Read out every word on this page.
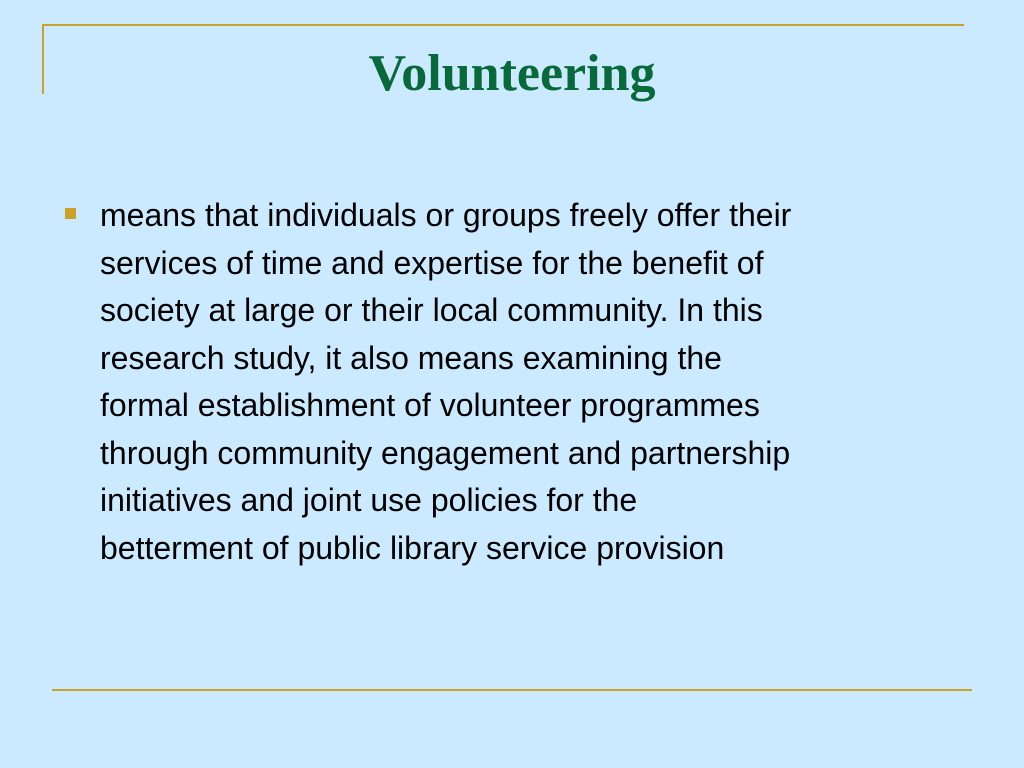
Volunteering
means that individuals or groups freely offer their
services of time and expertise for the benefit of
society at large or their local community. In this
research study, it also means examining the
formal establishment of volunteer programmes
through community engagement and partnership
initiatives and joint use policies for the
betterment of public library service provision
